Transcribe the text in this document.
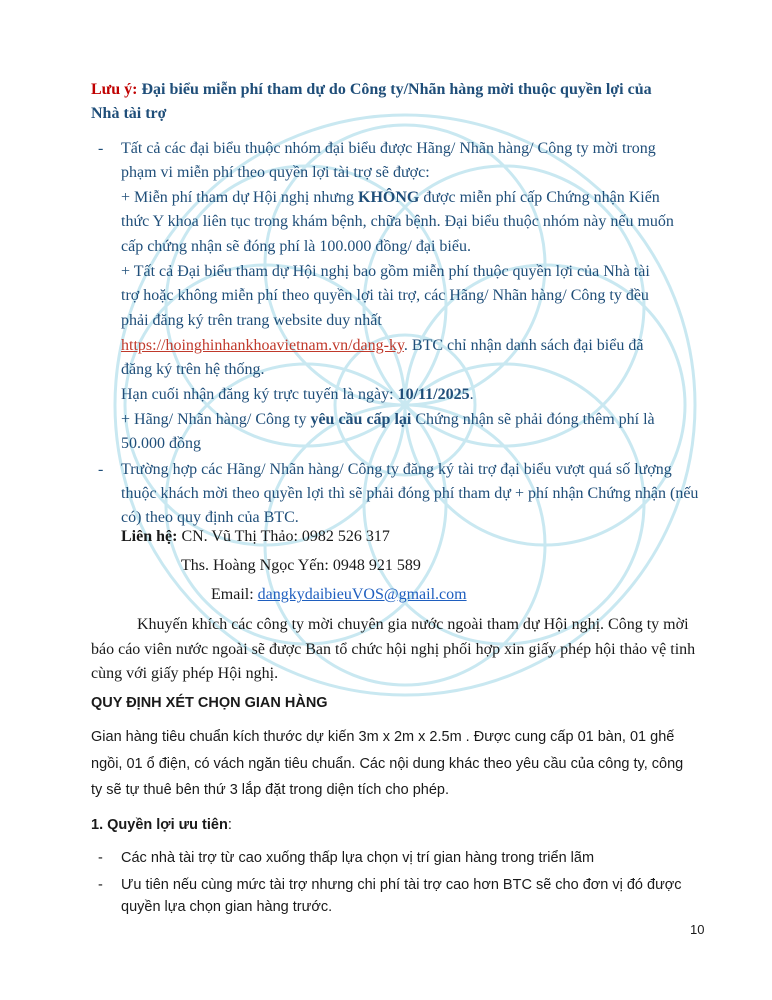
Lưu ý: Đại biểu miễn phí tham dự do Công ty/Nhãn hàng mời thuộc quyền lợi của
Nhà tài trợ
- Tất cả các đại biểu thuộc nhóm đại biểu được Hãng/ Nhãn hàng/ Công ty mời trong
phạm vi miễn phí theo quyền lợi tài trợ sẽ được:
+ Miễn phí tham dự Hội nghị nhưng KHÔNG được miễn phí cấp Chứng nhận Kiến
thức Y khoa liên tục trong khám bệnh, chữa bệnh. Đại biểu thuộc nhóm này nếu muốn
cấp chứng nhận sẽ đóng phí là 100.000 đồng/ đại biểu.
+ Tất cả Đại biểu tham dự Hội nghị bao gồm miễn phí thuộc quyền lợi của Nhà tài
trợ hoặc không miễn phí theo quyền lợi tài trợ, các Hãng/ Nhãn hàng/ Công ty đều
phải đăng ký trên trang website duy nhất
https://hoinghinhankhoavietnam.vn/dang-ky. BTC chỉ nhận danh sách đại biểu đã
đăng ký trên hệ thống.
Hạn cuối nhận đăng ký trực tuyến là ngày: 10/11/2025.
+ Hãng/ Nhãn hàng/ Công ty yêu cầu cấp lại Chứng nhận sẽ phải đóng thêm phí là
50.000 đồng
- Trường hợp các Hãng/ Nhãn hàng/ Công ty đăng ký tài trợ đại biểu vượt quá số lượng
thuộc khách mời theo quyền lợi thì sẽ phải đóng phí tham dự + phí nhận Chứng nhận (nếu
có) theo quy định của BTC.
Liên hệ: CN. Vũ Thị Thảo: 0982 526 317
Ths. Hoàng Ngọc Yến: 0948 921 589
Email: dangkydaibieuVOS@gmail.com
Khuyến khích các công ty mời chuyên gia nước ngoài tham dự Hội nghị. Công ty mời
báo cáo viên nước ngoài sẽ được Ban tổ chức hội nghị phối hợp xin giấy phép hội thảo vệ tinh
cùng với giấy phép Hội nghị.
QUY ĐỊNH XÉT CHỌN GIAN HÀNG
Gian hàng tiêu chuẩn kích thước dự kiến 3m x 2m x 2.5m . Được cung cấp 01 bàn, 01 ghế
ngồi, 01 ổ điện, có vách ngăn tiêu chuẩn. Các nội dung khác theo yêu cầu của công ty, công
ty sẽ tự thuê bên thứ 3 lắp đặt trong diện tích cho phép.
1. Quyền lợi ưu tiên:
- Các nhà tài trợ từ cao xuống thấp lựa chọn vị trí gian hàng trong triển lãm
- Ưu tiên nếu cùng mức tài trợ nhưng chi phí tài trợ cao hơn BTC sẽ cho đơn vị đó được
quyền lựa chọn gian hàng trước.
10
